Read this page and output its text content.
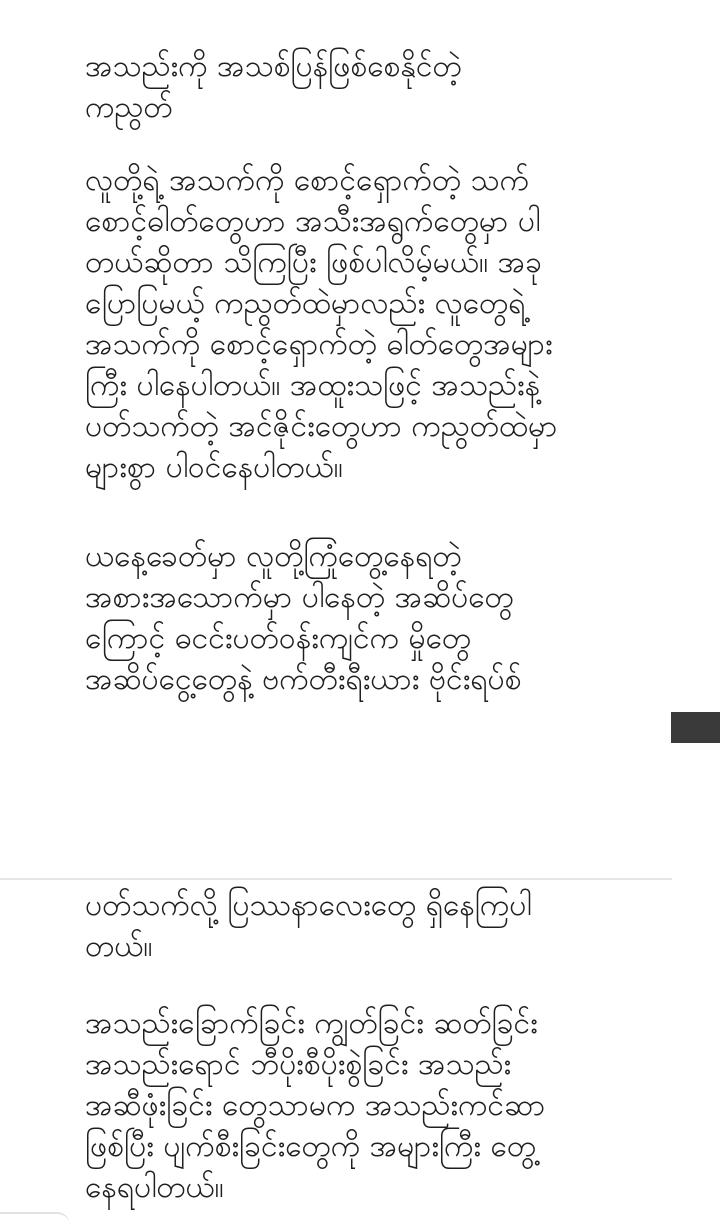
အသည်းကို အသစ်ပြန်ဖြစ်စေနိုင်တဲ့
ကညွတ်
လူတို့ရဲ့ အသက်ကို စောင့်ရှောက်တဲ့ သက်
စောင့်ဓါတ်တွေဟာ အသီးအရွက်တွေမှာ ပါ
တယ်ဆိုတာ သိကြပြီး ဖြစ်ပါလိမ့်မယ်။ အခု
ပြောပြမယ့် ကညွတ်ထဲမှာလည်း လူတွေရဲ့
အသက်ကို စောင့်ရှောက်တဲ့ ဓါတ်တွေအများ
ကြီး ပါနေပါတယ်။ အထူးသဖြင့် အသည်းနဲ့
ပတ်သက်တဲ့ အင်ဇိုင်းတွေဟာ ကညွတ်ထဲမှာ
များစွာ ပါဝင်နေပါတယ်။
ယနေ့ခေတ်မှာ လူတို့ကြုံတွေ့နေရတဲ့
အစားအသောက်မှာ ပါနေတဲ့ အဆိပ်တွေ
ကြောင့် ဓငင်းပတ်ဝန်းကျင်က မှိုတွေ
အဆိပ်ငွေ့တွေနဲ့ ဗက်တီးရီးယား ဗိုင်းရပ်စ်
ပတ်သက်လို့ ပြဿနာလေးတွေ ရှိနေကြပါ
တယ်။
အသည်းခြောက်ခြင်း ကျွတ်ခြင်း ဆတ်ခြင်း
အသည်းရောင် ဘီပိုးစီပိုးစွဲခြင်း အသည်း
အဆီဖုံးခြင်း တွေသာမက အသည်းကင်ဆာ
ဖြစ်ပြီး ပျက်စီးခြင်းတွေကို အများကြီး တွေ့
နေရပါတယ်။
